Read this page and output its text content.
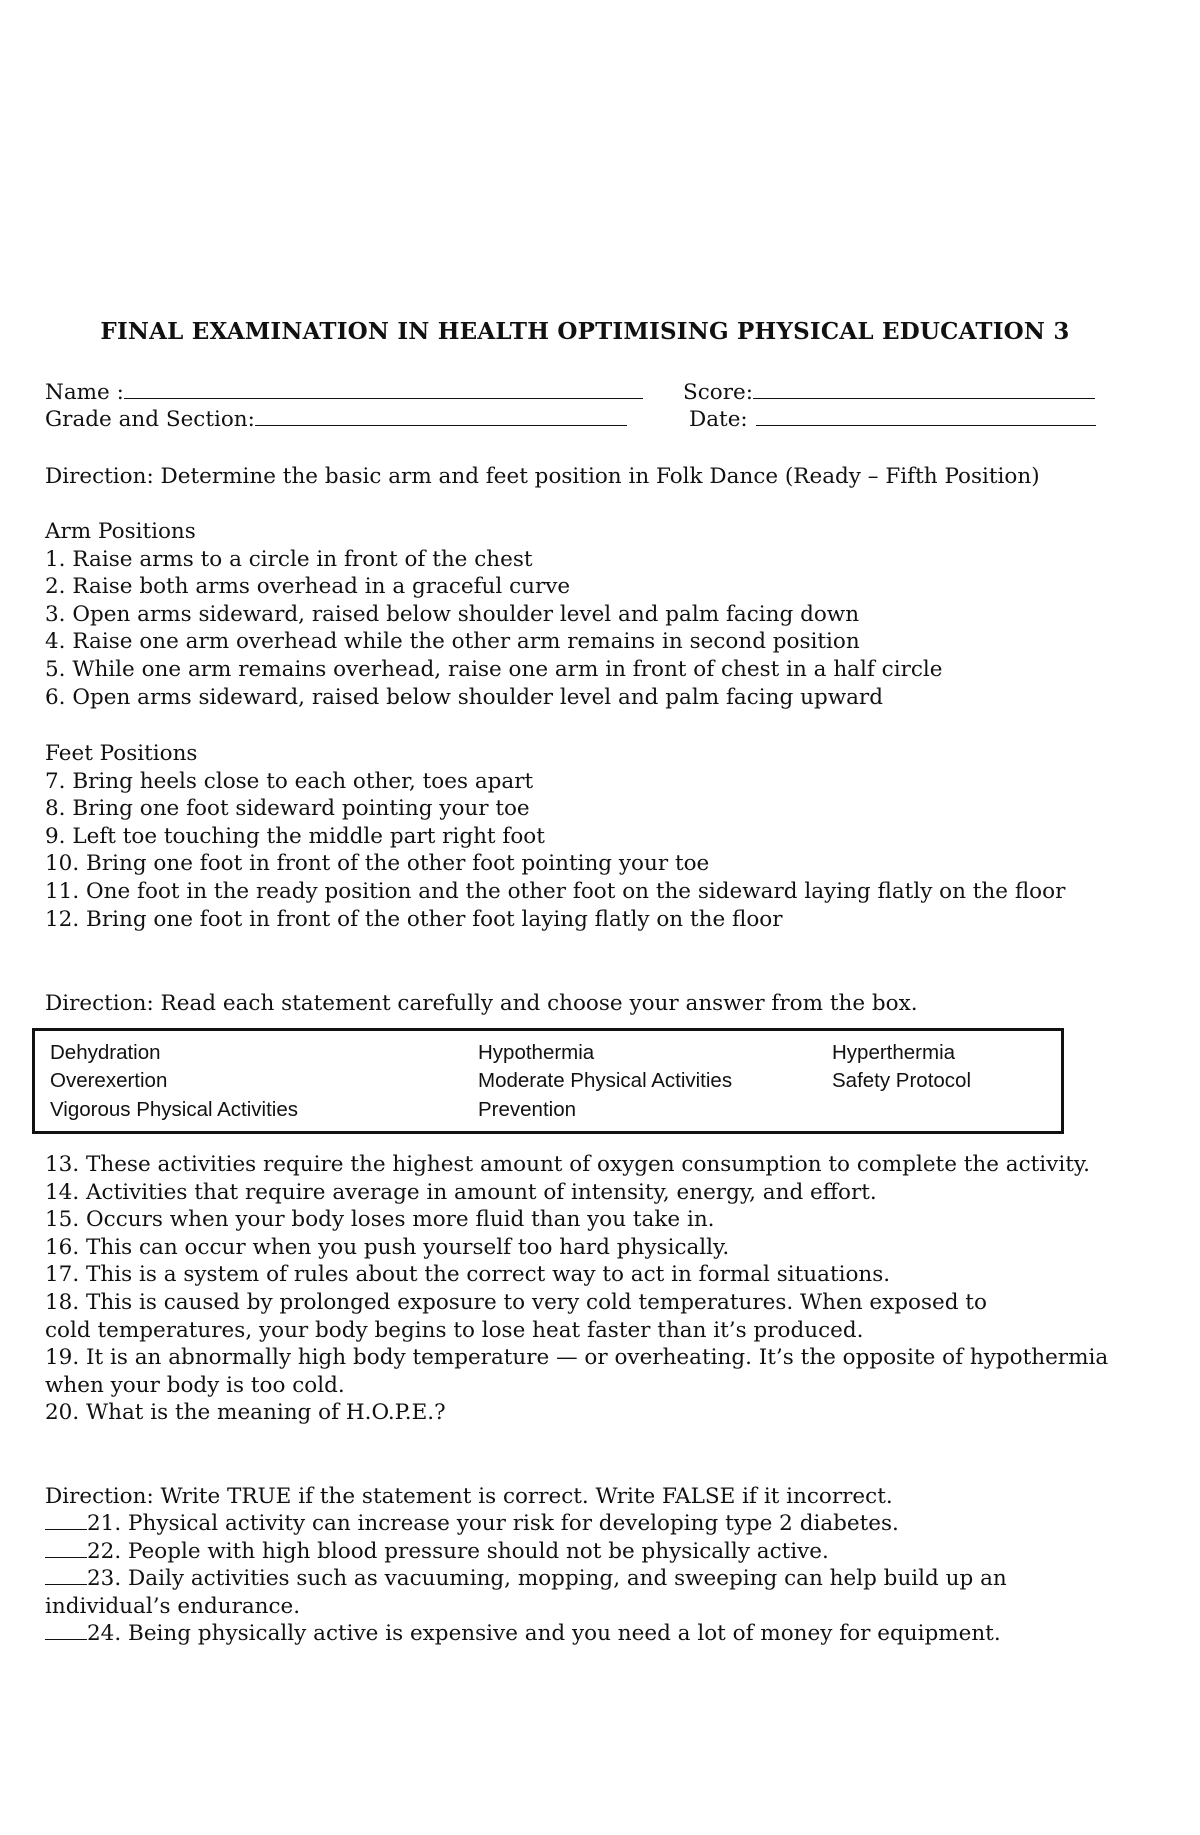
FINAL EXAMINATION IN HEALTH OPTIMISING PHYSICAL EDUCATION 3
Name :	Score:
Grade and Section:	Date:
Direction: Determine the basic arm and feet position in Folk Dance (Ready – Fifth Position)
Arm Positions
1. Raise arms to a circle in front of the chest
2. Raise both arms overhead in a graceful curve
3. Open arms sideward, raised below shoulder level and palm facing down
4. Raise one arm overhead while the other arm remains in second position
5. While one arm remains overhead, raise one arm in front of chest in a half circle
6. Open arms sideward, raised below shoulder level and palm facing upward
Feet Positions
7. Bring heels close to each other, toes apart
8. Bring one foot sideward pointing your toe
9. Left toe touching the middle part right foot
10. Bring one foot in front of the other foot pointing your toe
11. One foot in the ready position and the other foot on the sideward laying flatly on the floor
12. Bring one foot in front of the other foot laying flatly on the floor
Direction: Read each statement carefully and choose your answer from the box.
Dehydration	Hypothermia	Hyperthermia
Overexertion	Moderate Physical Activities	Safety Protocol
Vigorous Physical Activities	Prevention
13. These activities require the highest amount of oxygen consumption to complete the activity.
14. Activities that require average in amount of intensity, energy, and effort.
15. Occurs when your body loses more fluid than you take in.
16. This can occur when you push yourself too hard physically.
17. This is a system of rules about the correct way to act in formal situations.
18. This is caused by prolonged exposure to very cold temperatures. When exposed to
cold temperatures, your body begins to lose heat faster than it’s produced.
19. It is an abnormally high body temperature — or overheating. It’s the opposite of hypothermia
when your body is too cold.
20. What is the meaning of H.O.P.E.?
Direction: Write TRUE if the statement is correct. Write FALSE if it incorrect.
21. Physical activity can increase your risk for developing type 2 diabetes.
22. People with high blood pressure should not be physically active.
23. Daily activities such as vacuuming, mopping, and sweeping can help build up an
individual’s endurance.
24. Being physically active is expensive and you need a lot of money for equipment.
